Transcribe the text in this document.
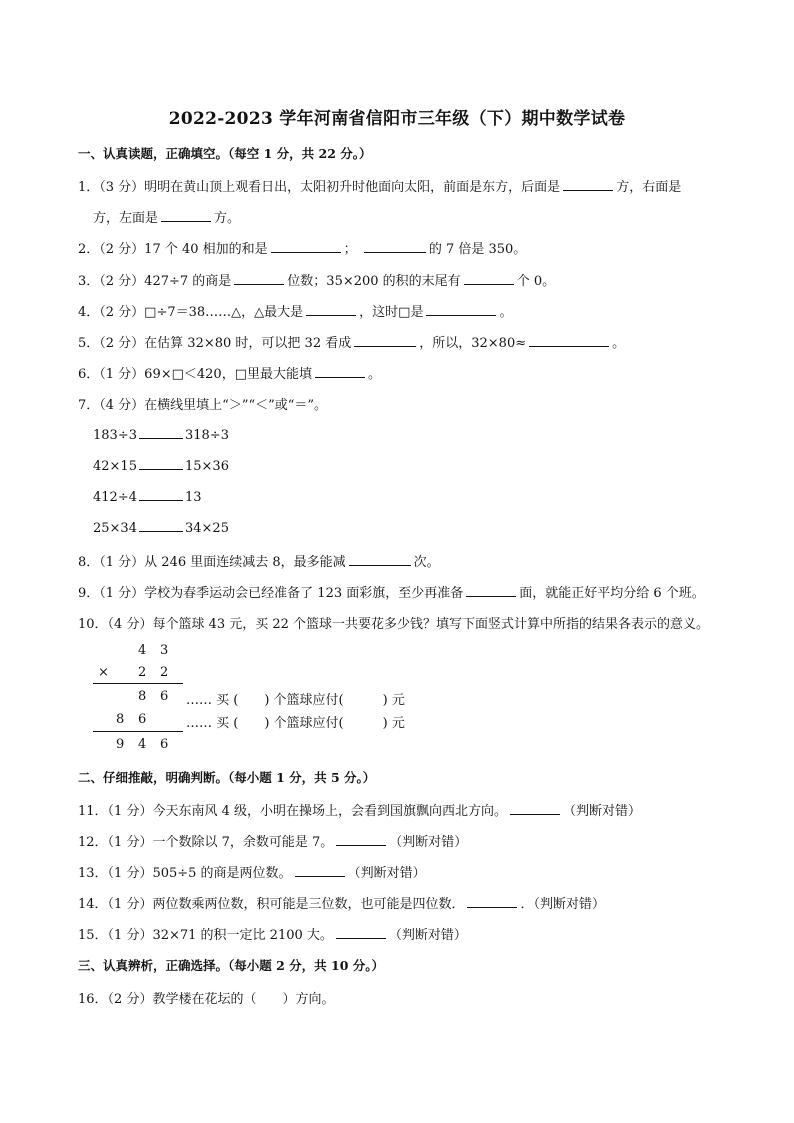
2022-2023 学年河南省信阳市三年级（下）期中数学试卷
一、认真读题，正确填空。（每空 1 分，共 22 分。）
1．（3 分）明明在黄山顶上观看日出，太阳初升时他面向太阳，前面是东方，后面是	方，右面是
方，左面是	方。
2．（2 分）17 个 40 相加的和是	；	的 7 倍是 350。
3．（2 分）427÷7 的商是	位数；35×200 的积的末尾有	个 0。
4．（2 分）□÷7＝38……△，△最大是	，这时□是	。
5．（2 分）在估算 32×80 时，可以把 32 看成	，所以，32×80≈	。
6．（1 分）69×□＜420，□里最大能填	。
7．（4 分）在横线里填上“＞”“＜”或“＝”。
183÷3	318÷3
42×15	15×36
412÷4	13
25×34	34×25
8．（1 分）从 246 里面连续减去 8，最多能减	次。
9．（1 分）学校为春季运动会已经准备了 123 面彩旗，至少再准备	面，就能正好平均分给 6 个班。
10．（4 分）每个篮球 43 元，买 22 个篮球一共要花多少钱？填写下面竖式计算中所指的结果各表示的意义。
4 3
× 2 2
8 6 …… 买 (　　) 个篮球应付(　　　) 元
8 6	…… 买 (　　) 个篮球应付(　　　) 元
9 4 6
二、仔细推敲，明确判断。（每小题 1 分，共 5 分。）
11．（1 分）今天东南风 4 级，小明在操场上，会看到国旗飘向西北方向。	（判断对错）
12．（1 分）一个数除以 7，余数可能是 7。	（判断对错）
13．（1 分）505÷5 的商是两位数。	（判断对错）
14．（1 分）两位数乘两位数，积可能是三位数，也可能是四位数．	．（判断对错）
15．（1 分）32×71 的积一定比 2100 大。	（判断对错）
三、认真辨析，正确选择。（每小题 2 分，共 10 分。）
16．（2 分）教学楼在花坛的（　　）方向。
